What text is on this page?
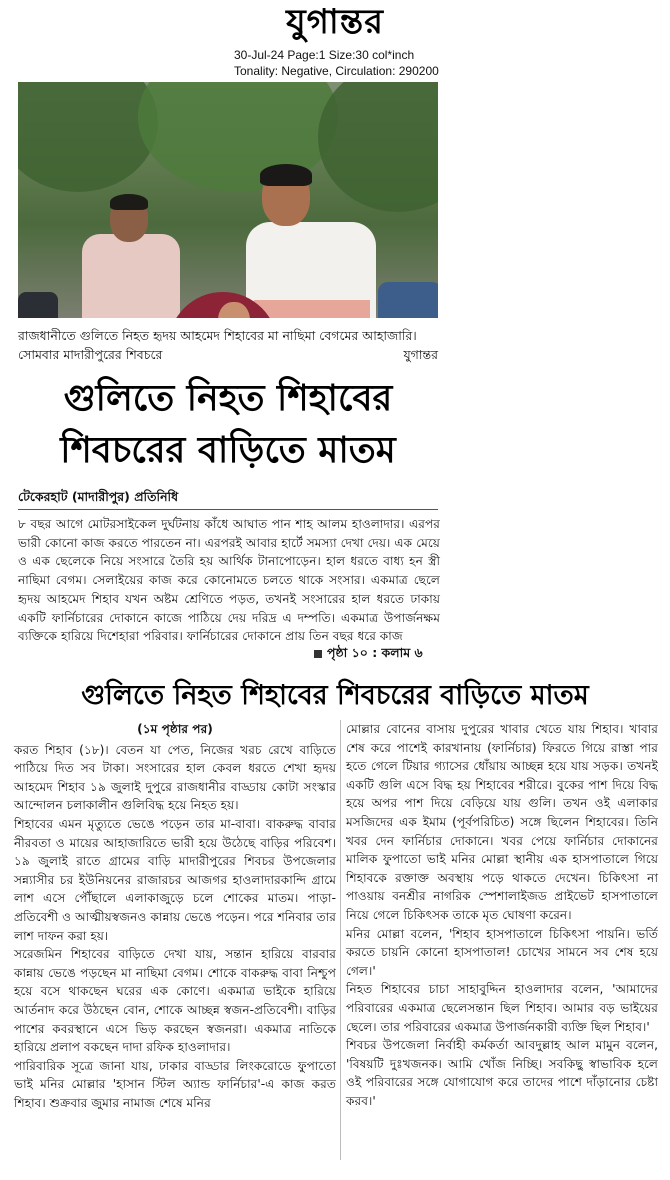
যুগান্তর
30-Jul-24 Page:1 Size:30 col*inch
Tonality: Negative, Circulation: 290200
রাজধানীতে গুলিতে নিহত হৃদয় আহমেদ শিহাবের মা নাছিমা বেগমের আহাজারি। সোমবার মাদারীপুরের শিবচরে	যুগান্তর
গুলিতে নিহত শিহাবের
শিবচরের বাড়িতে মাতম
টেকেরহাট (মাদারীপুর) প্রতিনিধি

৮ বছর আগে মোটরসাইকেল দুর্ঘটনায় কাঁধে আঘাত পান শাহ আলম হাওলাদার। এরপর ভারী কোনো কাজ করতে পারতেন না। এরপরই আবার হার্টে সমস্যা দেখা দেয়। এক মেয়ে ও এক ছেলেকে নিয়ে সংসারে তৈরি হয় আর্থিক টানাপোড়েন। হাল ধরতে বাধ্য হন স্ত্রী নাছিমা বেগম। সেলাইয়ের কাজ করে কোনোমতে চলতে থাকে সংসার। একমাত্র ছেলে হৃদয় আহমেদ শিহাব যখন অষ্টম শ্রেণিতে পড়ত, তখনই সংসারের হাল ধরতে ঢাকায় একটি ফার্নিচারের দোকানে কাজে পাঠিয়ে দেয় দরিদ্র এ দম্পতি। একমাত্র উপার্জনক্ষম ব্যক্তিকে হারিয়ে দিশেহারা পরিবার। ফার্নিচারের দোকানে প্রায় তিন বছর ধরে কাজ

পৃষ্ঠা ১০ : কলাম ৬
গুলিতে নিহত শিহাবের শিবচরের বাড়িতে মাতম

(১ম পৃষ্ঠার পর)

করত শিহাব (১৮)। বেতন যা পেত, নিজের খরচ রেখে বাড়িতে পাঠিয়ে দিত সব টাকা। সংসারের হাল কেবল ধরতে শেখা হৃদয় আহমেদ শিহাব ১৯ জুলাই দুপুরে রাজধানীর বাড্ডায় কোটা সংস্কার আন্দোলন চলাকালীন গুলিবিদ্ধ হয়ে নিহত হয়।

শিহাবের এমন মৃত্যুতে ভেঙে পড়েন তার মা-বাবা। বাকরুদ্ধ বাবার নীরবতা ও মায়ের আহাজারিতে ভারী হয়ে উঠেছে বাড়ির পরিবেশ। ১৯ জুলাই রাতে গ্রামের বাড়ি মাদারীপুরের শিবচর উপজেলার সন্ন্যাসীর চর ইউনিয়নের রাজারচর আজগর হাওলাদারকান্দি গ্রামে লাশ এসে পৌঁছালে এলাকাজুড়ে চলে শোকের মাতম। পাড়া-প্রতিবেশী ও আত্মীয়স্বজনও কান্নায় ভেঙে পড়েন। পরে শনিবার তার লাশ দাফন করা হয়।

সরেজমিন শিহাবের বাড়িতে দেখা যায়, সন্তান হারিয়ে বারবার কান্নায় ভেঙে পড়ছেন মা নাছিমা বেগম। শোকে বাকরুদ্ধ বাবা নিশ্চুপ হয়ে বসে থাকছেন ঘরের এক কোণে। একমাত্র ভাইকে হারিয়ে আর্তনাদ করে উঠছেন বোন, শোকে আচ্ছন্ন স্বজন-প্রতিবেশী। বাড়ির পাশের কবরস্থানে এসে ভিড় করছেন স্বজনরা। একমাত্র নাতিকে হারিয়ে প্রলাপ বকছেন দাদা রফিক হাওলাদার।

পারিবারিক সূত্রে জানা যায়, ঢাকার বাড্ডার লিংকরোডে ফুপাতো ভাই মনির মোল্লার 'হাসান স্টিল অ্যান্ড ফার্নিচার'-এ কাজ করত শিহাব। শুক্রবার জুমার নামাজ শেষে মনির

মোল্লার বোনের বাসায় দুপুরের খাবার খেতে যায় শিহাব। খাবার শেষ করে পাশেই কারখানায় (ফার্নিচার) ফিরতে গিয়ে রাস্তা পার হতে গেলে টিয়ার গ্যাসের ধোঁয়ায় আচ্ছন্ন হয়ে যায় সড়ক। তখনই একটি গুলি এসে বিদ্ধ হয় শিহাবের শরীরে। বুকের পাশ দিয়ে বিদ্ধ হয়ে অপর পাশ দিয়ে বেড়িয়ে যায় গুলি। তখন ওই এলাকার মসজিদের এক ইমাম (পূর্বপরিচিত) সঙ্গে ছিলেন শিহাবের। তিনি খবর দেন ফার্নিচার দোকানে। খবর পেয়ে ফার্নিচার দোকানের মালিক ফুপাতো ভাই মনির মোল্লা স্থানীয় এক হাসপাতালে গিয়ে শিহাবকে রক্তাক্ত অবস্থায় পড়ে থাকতে দেখেন। চিকিৎসা না পাওয়ায় বনশ্রীর নাগরিক স্পেশালাইজড প্রাইভেট হাসপাতালে নিয়ে গেলে চিকিৎসক তাকে মৃত ঘোষণা করেন।

মনির মোল্লা বলেন, 'শিহাব হাসপাতালে চিকিৎসা পায়নি। ভর্তি করতে চায়নি কোনো হাসপাতাল! চোখের সামনে সব শেষ হয়ে গেল।'

নিহত শিহাবের চাচা সাহাবুদ্দিন হাওলাদার বলেন, 'আমাদের পরিবারের একমাত্র ছেলেসন্তান ছিল শিহাব। আমার বড় ভাইয়ের ছেলে। তার পরিবারের একমাত্র উপার্জনকারী ব্যক্তি ছিল শিহাব।'

শিবচর উপজেলা নির্বাহী কর্মকর্তা আবদুল্লাহ আল মামুন বলেন, 'বিষয়টি দুঃখজনক। আমি খোঁজ নিচ্ছি। সবকিছু স্বাভাবিক হলে ওই পরিবারের সঙ্গে যোগাযোগ করে তাদের পাশে দাঁড়ানোর চেষ্টা করব।'
